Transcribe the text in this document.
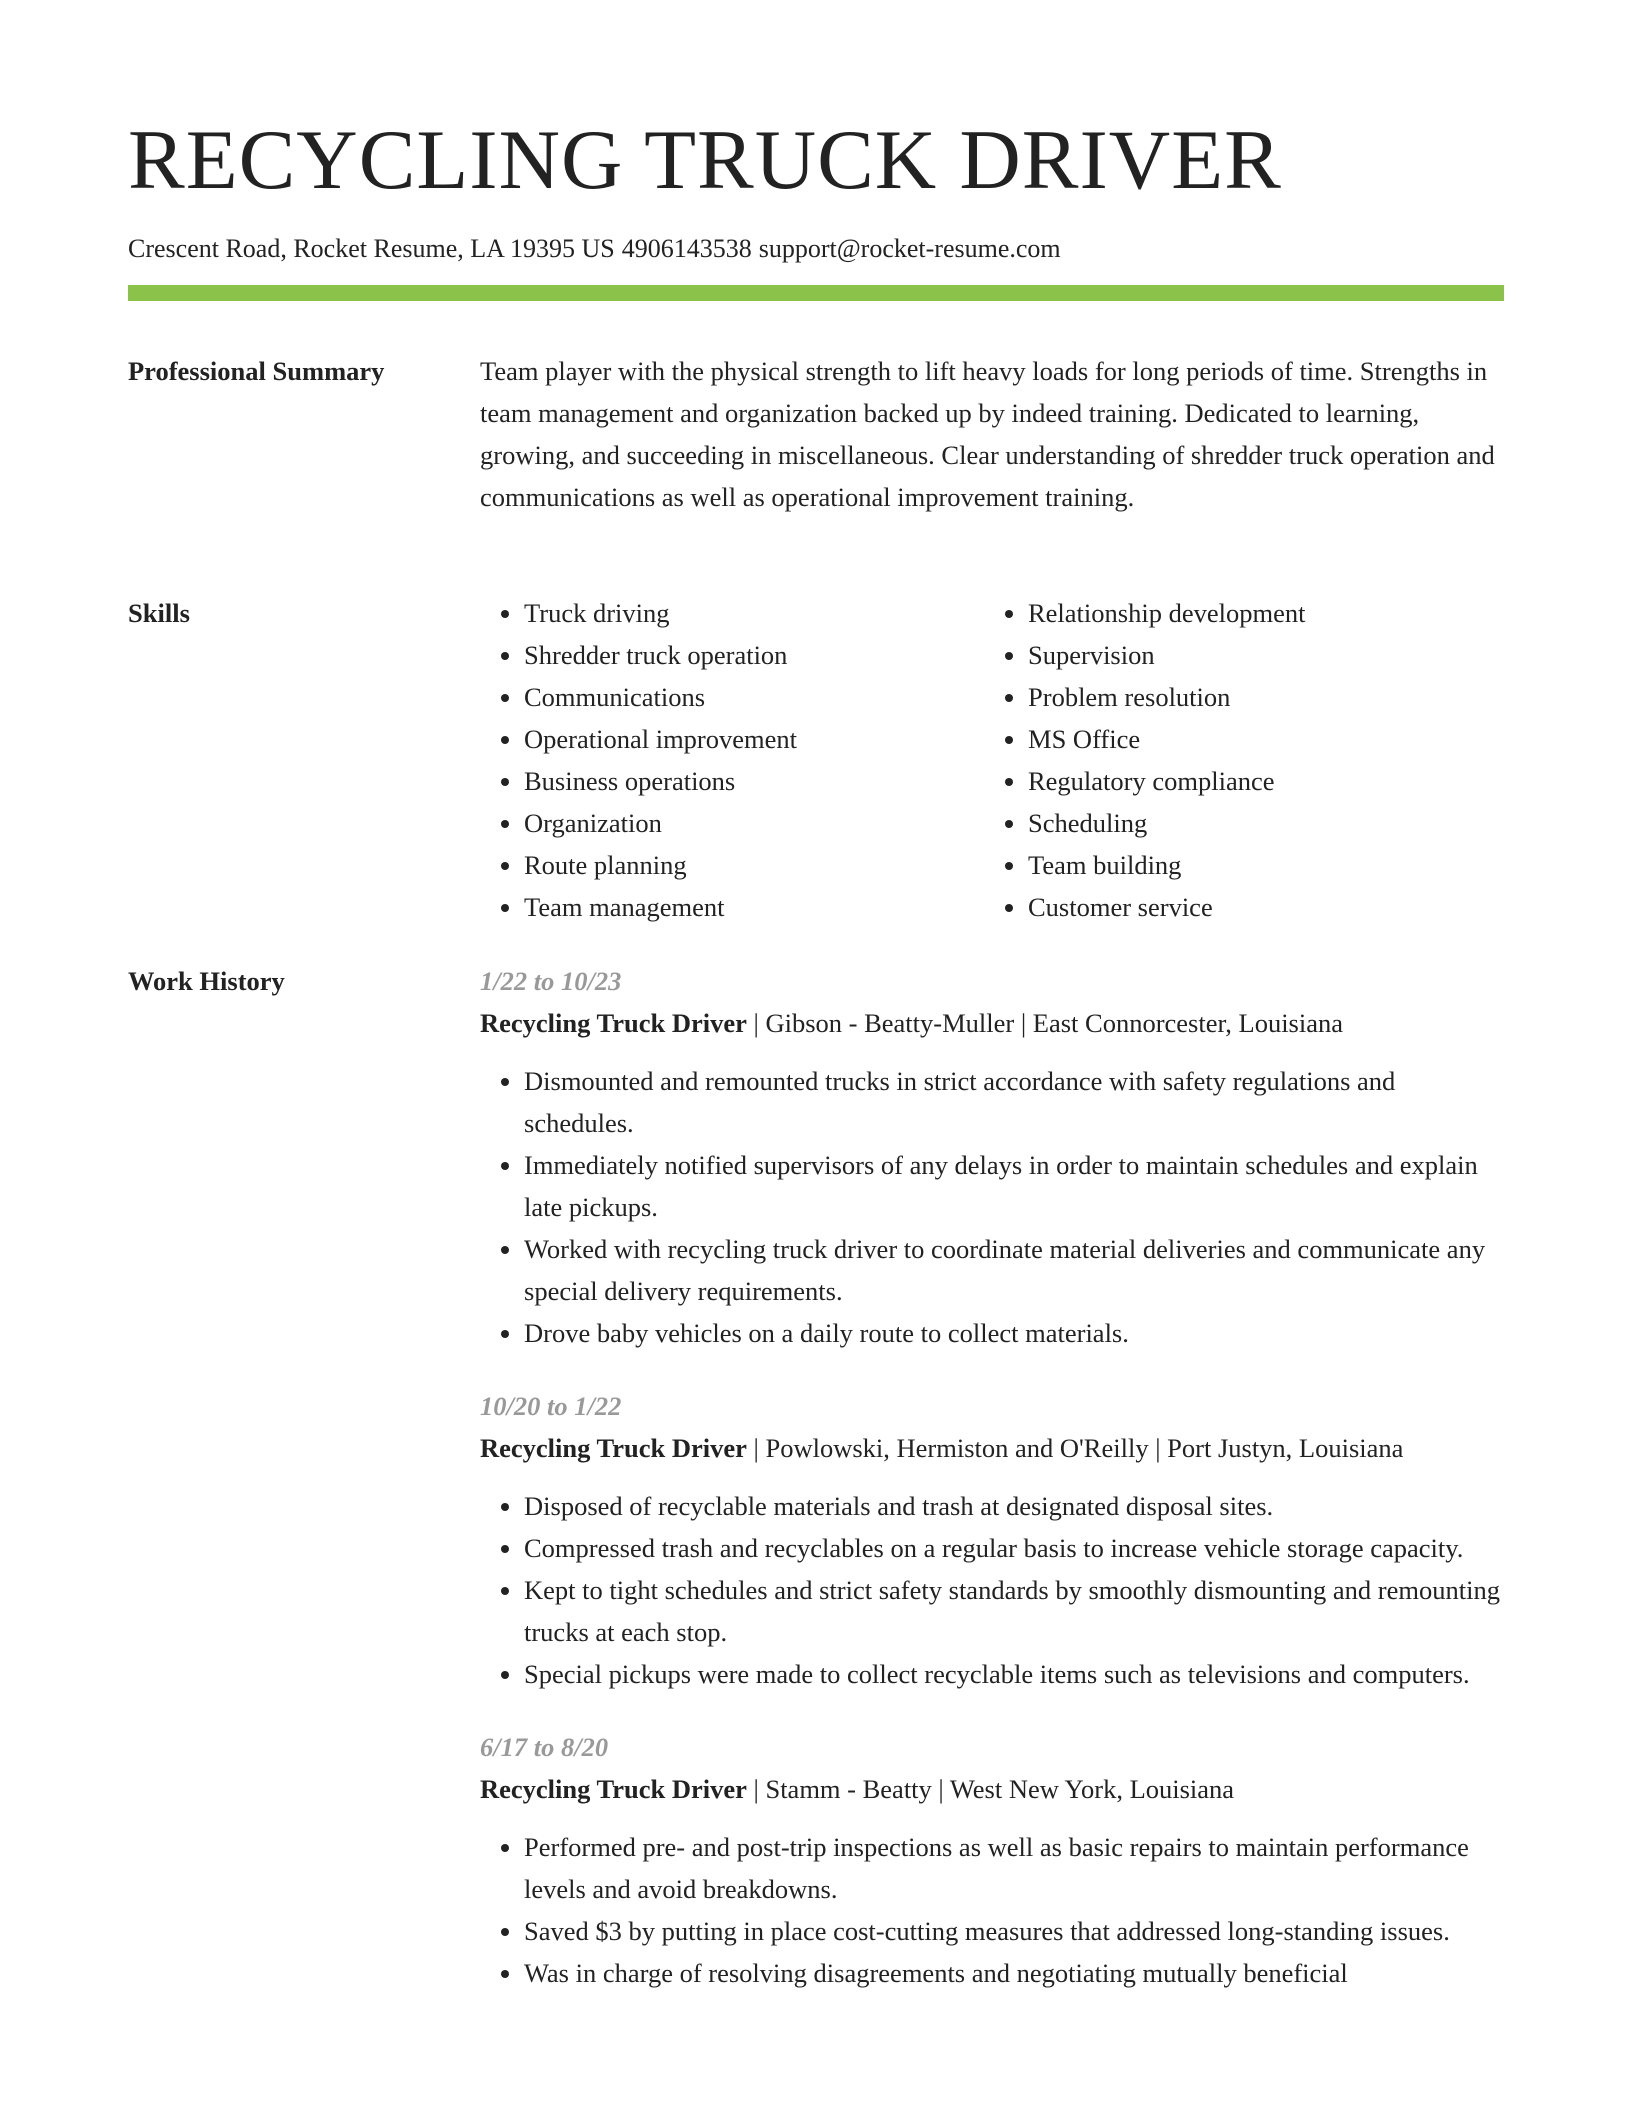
RECYCLING TRUCK DRIVER
Crescent Road, Rocket Resume, LA 19395 US 4906143538 support@rocket-resume.com
Professional Summary	Team player with the physical strength to lift heavy loads for long periods of time. Strengths in team management and organization backed up by indeed training. Dedicated to learning, growing, and succeeding in miscellaneous. Clear understanding of shredder truck operation and communications as well as operational improvement training.

Skills
•	Truck driving
• Shredder truck operation
• Communications
• Operational improvement
• Business operations
• Organization
• Route planning
• Team management
• Relationship development
• Supervision
• Problem resolution
• MS Office
• Regulatory compliance
• Scheduling
• Team building
• Customer service
Work History	1/22 to 10/23
Recycling Truck Driver | Gibson - Beatty-Muller | East Connorcester, Louisiana
• Dismounted and remounted trucks in strict accordance with safety regulations and schedules.
• Immediately notified supervisors of any delays in order to maintain schedules and explain late pickups.
• Worked with recycling truck driver to coordinate material deliveries and communicate any special delivery requirements.
• Drove baby vehicles on a daily route to collect materials.
10/20 to 1/22
Recycling Truck Driver | Powlowski, Hermiston and O'Reilly | Port Justyn, Louisiana
• Disposed of recyclable materials and trash at designated disposal sites.
• Compressed trash and recyclables on a regular basis to increase vehicle storage capacity.
• Kept to tight schedules and strict safety standards by smoothly dismounting and remounting trucks at each stop.
• Special pickups were made to collect recyclable items such as televisions and computers.
6/17 to 8/20
Recycling Truck Driver | Stamm - Beatty | West New York, Louisiana
• Performed pre- and post-trip inspections as well as basic repairs to maintain performance levels and avoid breakdowns.
• Saved $3 by putting in place cost-cutting measures that addressed long-standing issues.
• Was in charge of resolving disagreements and negotiating mutually beneficial
